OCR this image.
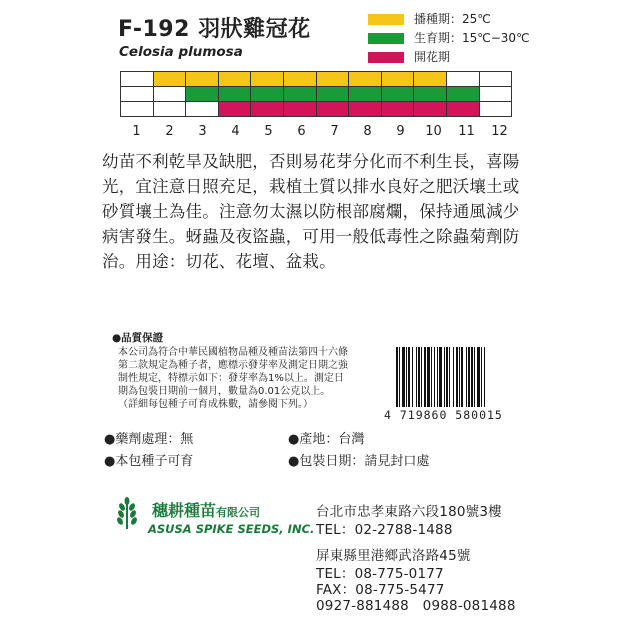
F-192 羽狀雞冠花
Celosia plumosa
播種期：25℃
生育期：15℃−30℃
開花期

1	2	3	4	5	6	7	8	9	10	11	12
幼苗不利乾旱及缺肥，否則易花芽分化而不利生長，喜陽光，宜注意日照充足，栽植土質以排水良好之肥沃壤土或砂質壤土為佳。注意勿太濕以防根部腐爛，保持通風減少病害發生。蚜蟲及夜盜蟲，可用一般低毒性之除蟲菊劑防治。用途：切花、花壇、盆栽。
●品質保證
本公司為符合中華民國植物品種及種苗法第四十六條
第二款規定為種子者，應標示發芽率及測定日期之強
制性規定，特標示如下：發芽率為1%以上。測定日
期為包裝日期前一個月，數量為0.01公克以上。
（詳細每包種子可育成株數，請參閱下列。）
4 719860 580015
●藥劑處理：無	●產地：台灣
●本包種子可育	●包裝日期：請見封口處
穗耕種苗有限公司
ASUSA SPIKE SEEDS, INC.
台北市忠孝東路六段180號3樓
TEL：02-2788-1488
屏東縣里港鄉武洛路45號
TEL：08-775-0177
FAX：08-775-5477
0927-881488　0988-081488
